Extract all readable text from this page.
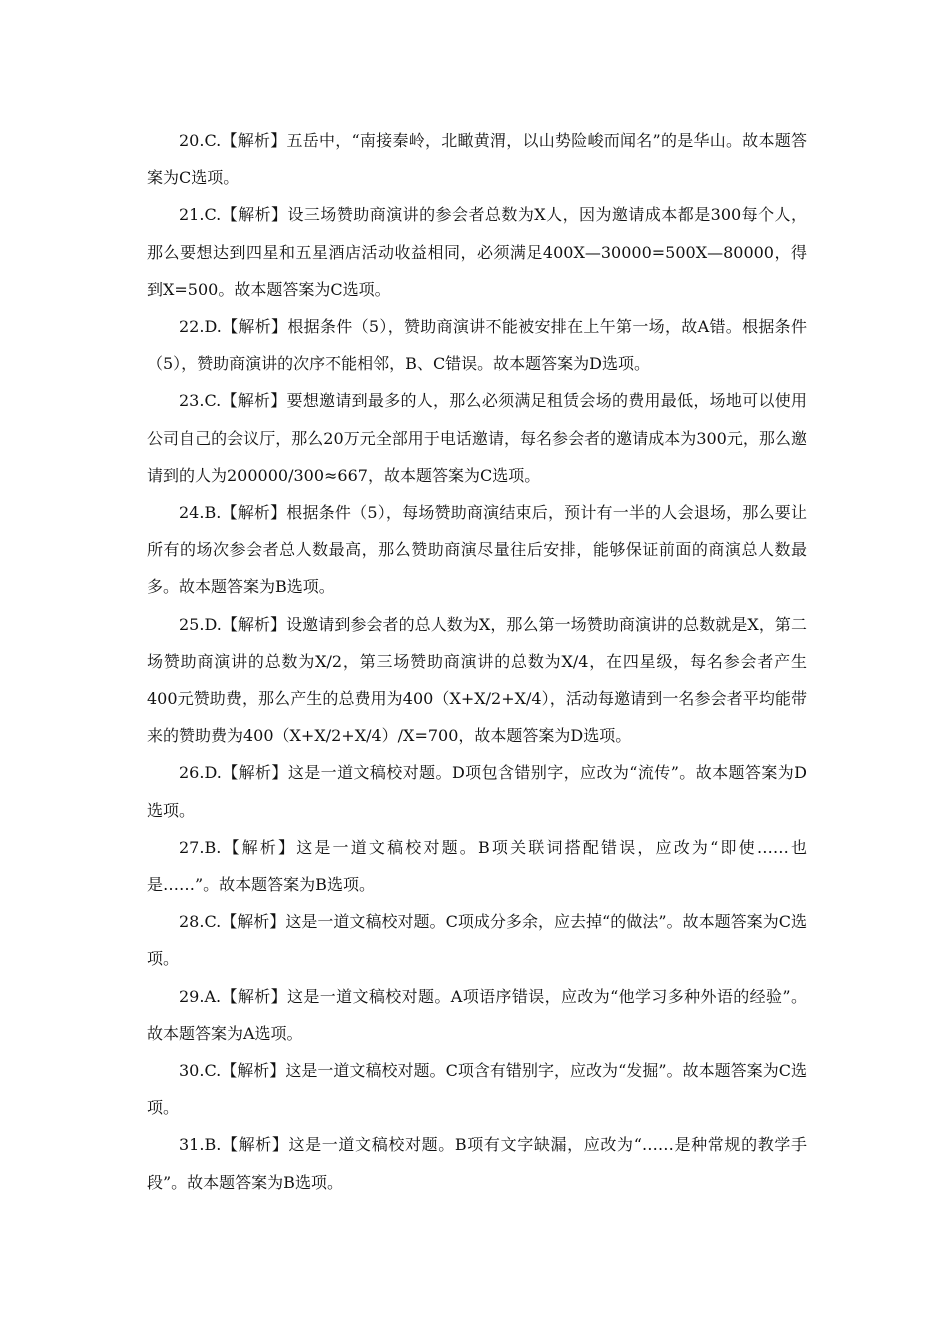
20.C.【解析】五岳中，“南接秦岭，北瞰黄渭，以山势险峻而闻名”的是华山。故本题答案为C选项。

21.C.【解析】设三场赞助商演讲的参会者总数为X人，因为邀请成本都是300每个人，那么要想达到四星和五星酒店活动收益相同，必须满足400X—30000=500X—80000，得到X=500。故本题答案为C选项。

22.D.【解析】根据条件（5），赞助商演讲不能被安排在上午第一场，故A错。根据条件（5），赞助商演讲的次序不能相邻，B、C错误。故本题答案为D选项。

23.C.【解析】要想邀请到最多的人，那么必须满足租赁会场的费用最低，场地可以使用公司自己的会议厅，那么20万元全部用于电话邀请，每名参会者的邀请成本为300元，那么邀请到的人为200000/300≈667，故本题答案为C选项。

24.B.【解析】根据条件（5），每场赞助商演结束后，预计有一半的人会退场，那么要让所有的场次参会者总人数最高，那么赞助商演尽量往后安排，能够保证前面的商演总人数最多。故本题答案为B选项。

25.D.【解析】设邀请到参会者的总人数为X，那么第一场赞助商演讲的总数就是X，第二场赞助商演讲的总数为X/2，第三场赞助商演讲的总数为X/4，在四星级，每名参会者产生400元赞助费，那么产生的总费用为400（X+X/2+X/4），活动每邀请到一名参会者平均能带来的赞助费为400（X+X/2+X/4）/X=700，故本题答案为D选项。

26.D.【解析】这是一道文稿校对题。D项包含错别字，应改为“流传”。故本题答案为D选项。

27.B.【解析】这是一道文稿校对题。B项关联词搭配错误，应改为“即使……也是……”。故本题答案为B选项。

28.C.【解析】这是一道文稿校对题。C项成分多余，应去掉“的做法”。故本题答案为C选项。

29.A.【解析】这是一道文稿校对题。A项语序错误，应改为“他学习多种外语的经验”。故本题答案为A选项。

30.C.【解析】这是一道文稿校对题。C项含有错别字，应改为“发掘”。故本题答案为C选项。

31.B.【解析】这是一道文稿校对题。B项有文字缺漏，应改为“……是种常规的教学手段”。故本题答案为B选项。
